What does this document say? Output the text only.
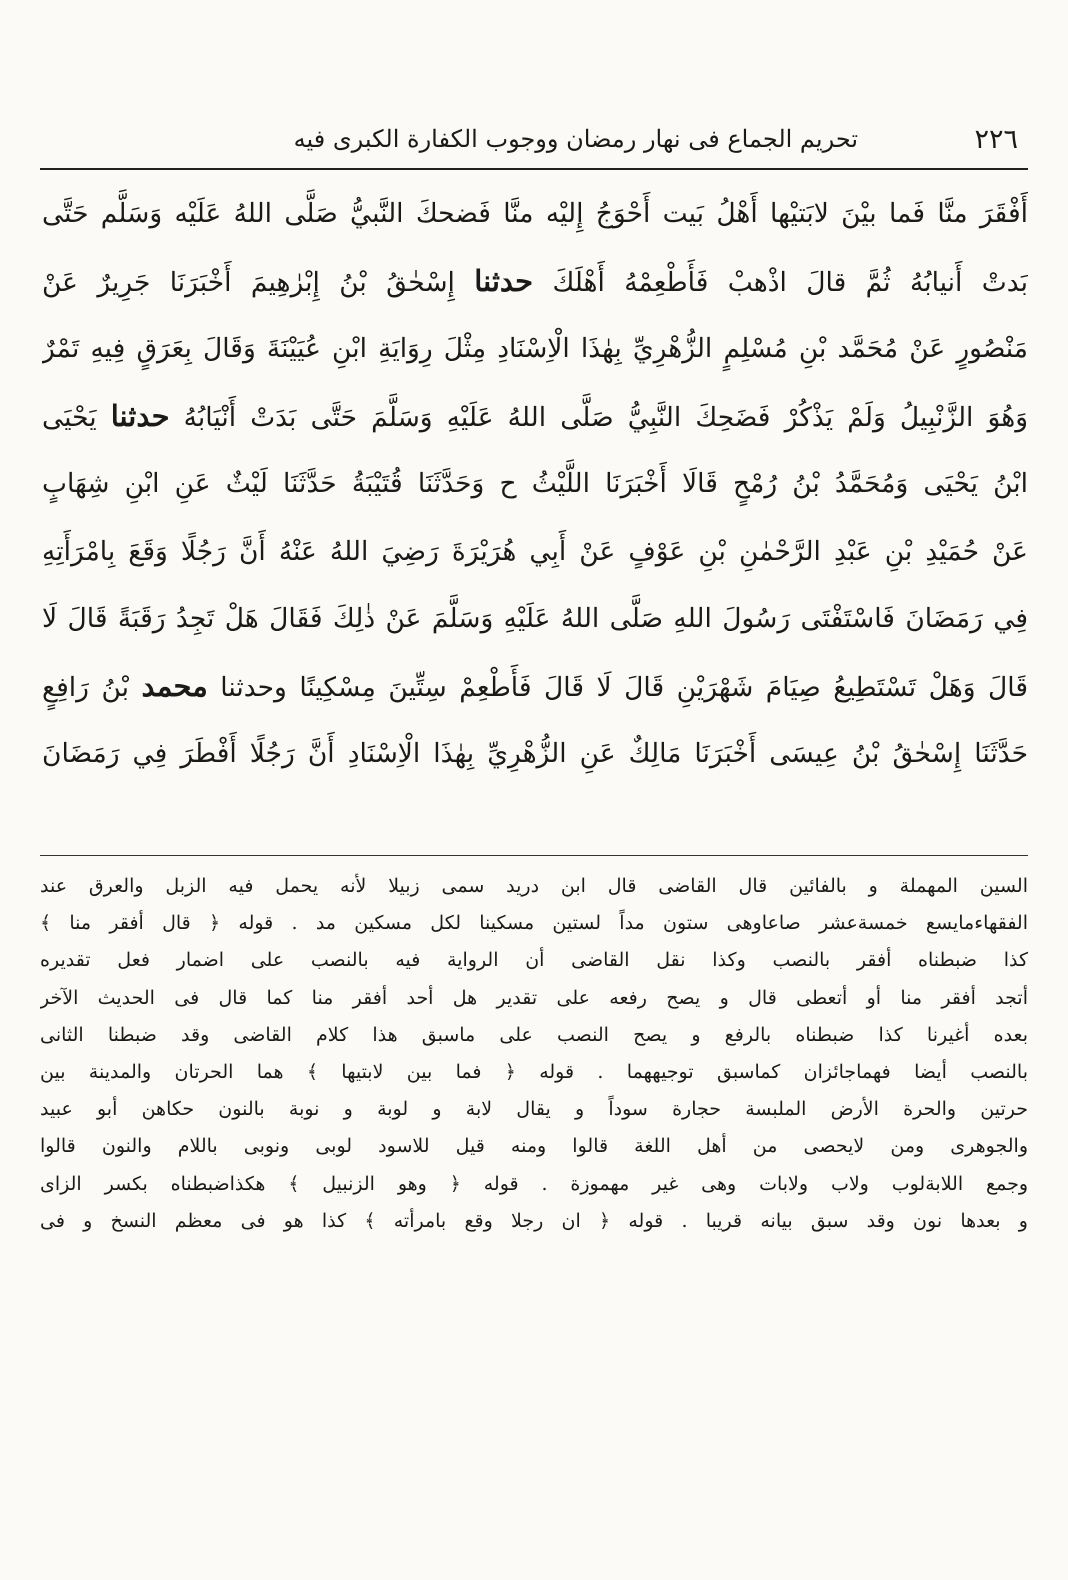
٢٢٦
تحريم الجماع فى نهار رمضان ووجوب الكفارة الكبرى فيه
أَفْقَرَ منَّا فَما بيْنَ لابَتيْها أَهْلُ بَيت أَحْوَجُ إِليْه منَّا فَضحكَ النَّبيُّ صَلَّى اللهُ عَلَيْه وَسَلَّم حَتَّى
بَدتْ أَنيابُهُ ثُمَّ قالَ اذْهبْ فَأَطْعِمْهُ أَهْلَكَ حدثنا إِسْحٰقُ بْنُ إِبْرٰهِيمَ أَخْبَرَنَا جَرِيرٌ عَنْ
مَنْصُورٍ عَنْ مُحَمَّد بْنِ مُسْلِمٍ الزُّهْرِيِّ بِهٰذَا الْاِسْنَادِ مِثْلَ رِوَايَةِ ابْنِ عُيَيْنَةَ وَقَالَ بِعَرَقٍ فِيهِ تَمْرٌ
وَهُوَ الزَّنْبِيلُ وَلَمْ يَذْكُرْ فَضَحِكَ النَّبِيُّ صَلَّى اللهُ عَلَيْهِ وَسَلَّمَ حَتَّى بَدَتْ أَنْيَابُهُ حدثنا يَحْيَى
ابْنُ يَحْيَى وَمُحَمَّدُ بْنُ رُمْحٍ قَالَا أَخْبَرَنَا اللَّيْثُ ح وَحَدَّثَنَا قُتَيْبَةُ حَدَّثَنَا لَيْثٌ عَنِ ابْنِ شِهَابٍ
عَنْ حُمَيْدِ بْنِ عَبْدِ الرَّحْمٰنِ بْنِ عَوْفٍ عَنْ أَبِي هُرَيْرَةَ رَضِيَ اللهُ عَنْهُ أَنَّ رَجُلًا وَقَعَ بِامْرَأَتِهِ
فِي رَمَضَانَ فَاسْتَفْتَى رَسُولَ اللهِ صَلَّى اللهُ عَلَيْهِ وَسَلَّمَ عَنْ ذٰلِكَ فَقَالَ هَلْ تَجِدُ رَقَبَةً قَالَ لَا
قَالَ وَهَلْ تَسْتَطِيعُ صِيَامَ شَهْرَيْنِ قَالَ لَا قَالَ فَأَطْعِمْ سِتِّينَ مِسْكِينًا وحدثنا محمد بْنُ رَافِعٍ
حَدَّثَنَا إِسْحٰقُ بْنُ عِيسَى أَخْبَرَنَا مَالِكٌ عَنِ الزُّهْرِيِّ بِهٰذَا الْاِسْنَادِ أَنَّ رَجُلًا أَفْطَرَ فِي رَمَضَانَ
السين المهملة و بالفائين قال القاضى قال ابن دريد سمى زبيلا لأنه يحمل فيه الزبل والعرق عند
الفقهاءمايسع خمسةعشر صاعاوهى ستون مداً لستين مسكينا لكل مسكين مد . قوله ﴿ قال أفقر منا ﴾
كذا ضبطناه أفقر بالنصب وكذا نقل القاضى أن الرواية فيه بالنصب على اضمار فعل تقديره
أتجد أفقر منا أو أتعطى قال و يصح رفعه على تقدير هل أحد أفقر منا كما قال فى الحديث الآخر
بعده أغيرنا كذا ضبطناه بالرفع و يصح النصب على ماسبق هذا كلام القاضى وقد ضبطنا الثانى
بالنصب أيضا فهماجائزان كماسبق توجيههما . قوله ﴿ فما بين لابتيها ﴾ هما الحرتان والمدينة بين
حرتين والحرة الأرض الملبسة حجارة سوداً و يقال لابة و لوبة و نوبة بالنون حكاهن أبو عبيد
والجوهرى ومن لايحصى من أهل اللغة قالوا ومنه قيل للاسود لوبى ونوبى باللام والنون قالوا
وجمع اللابةلوب ولاب ولابات وهى غير مهموزة . قوله ﴿ وهو الزنبيل ﴾ هكذاضبطناه بكسر الزاى
و بعدها نون وقد سبق بيانه قريبا . قوله ﴿ ان رجلا وقع بامرأته ﴾ كذا هو فى معظم النسخ و فى
